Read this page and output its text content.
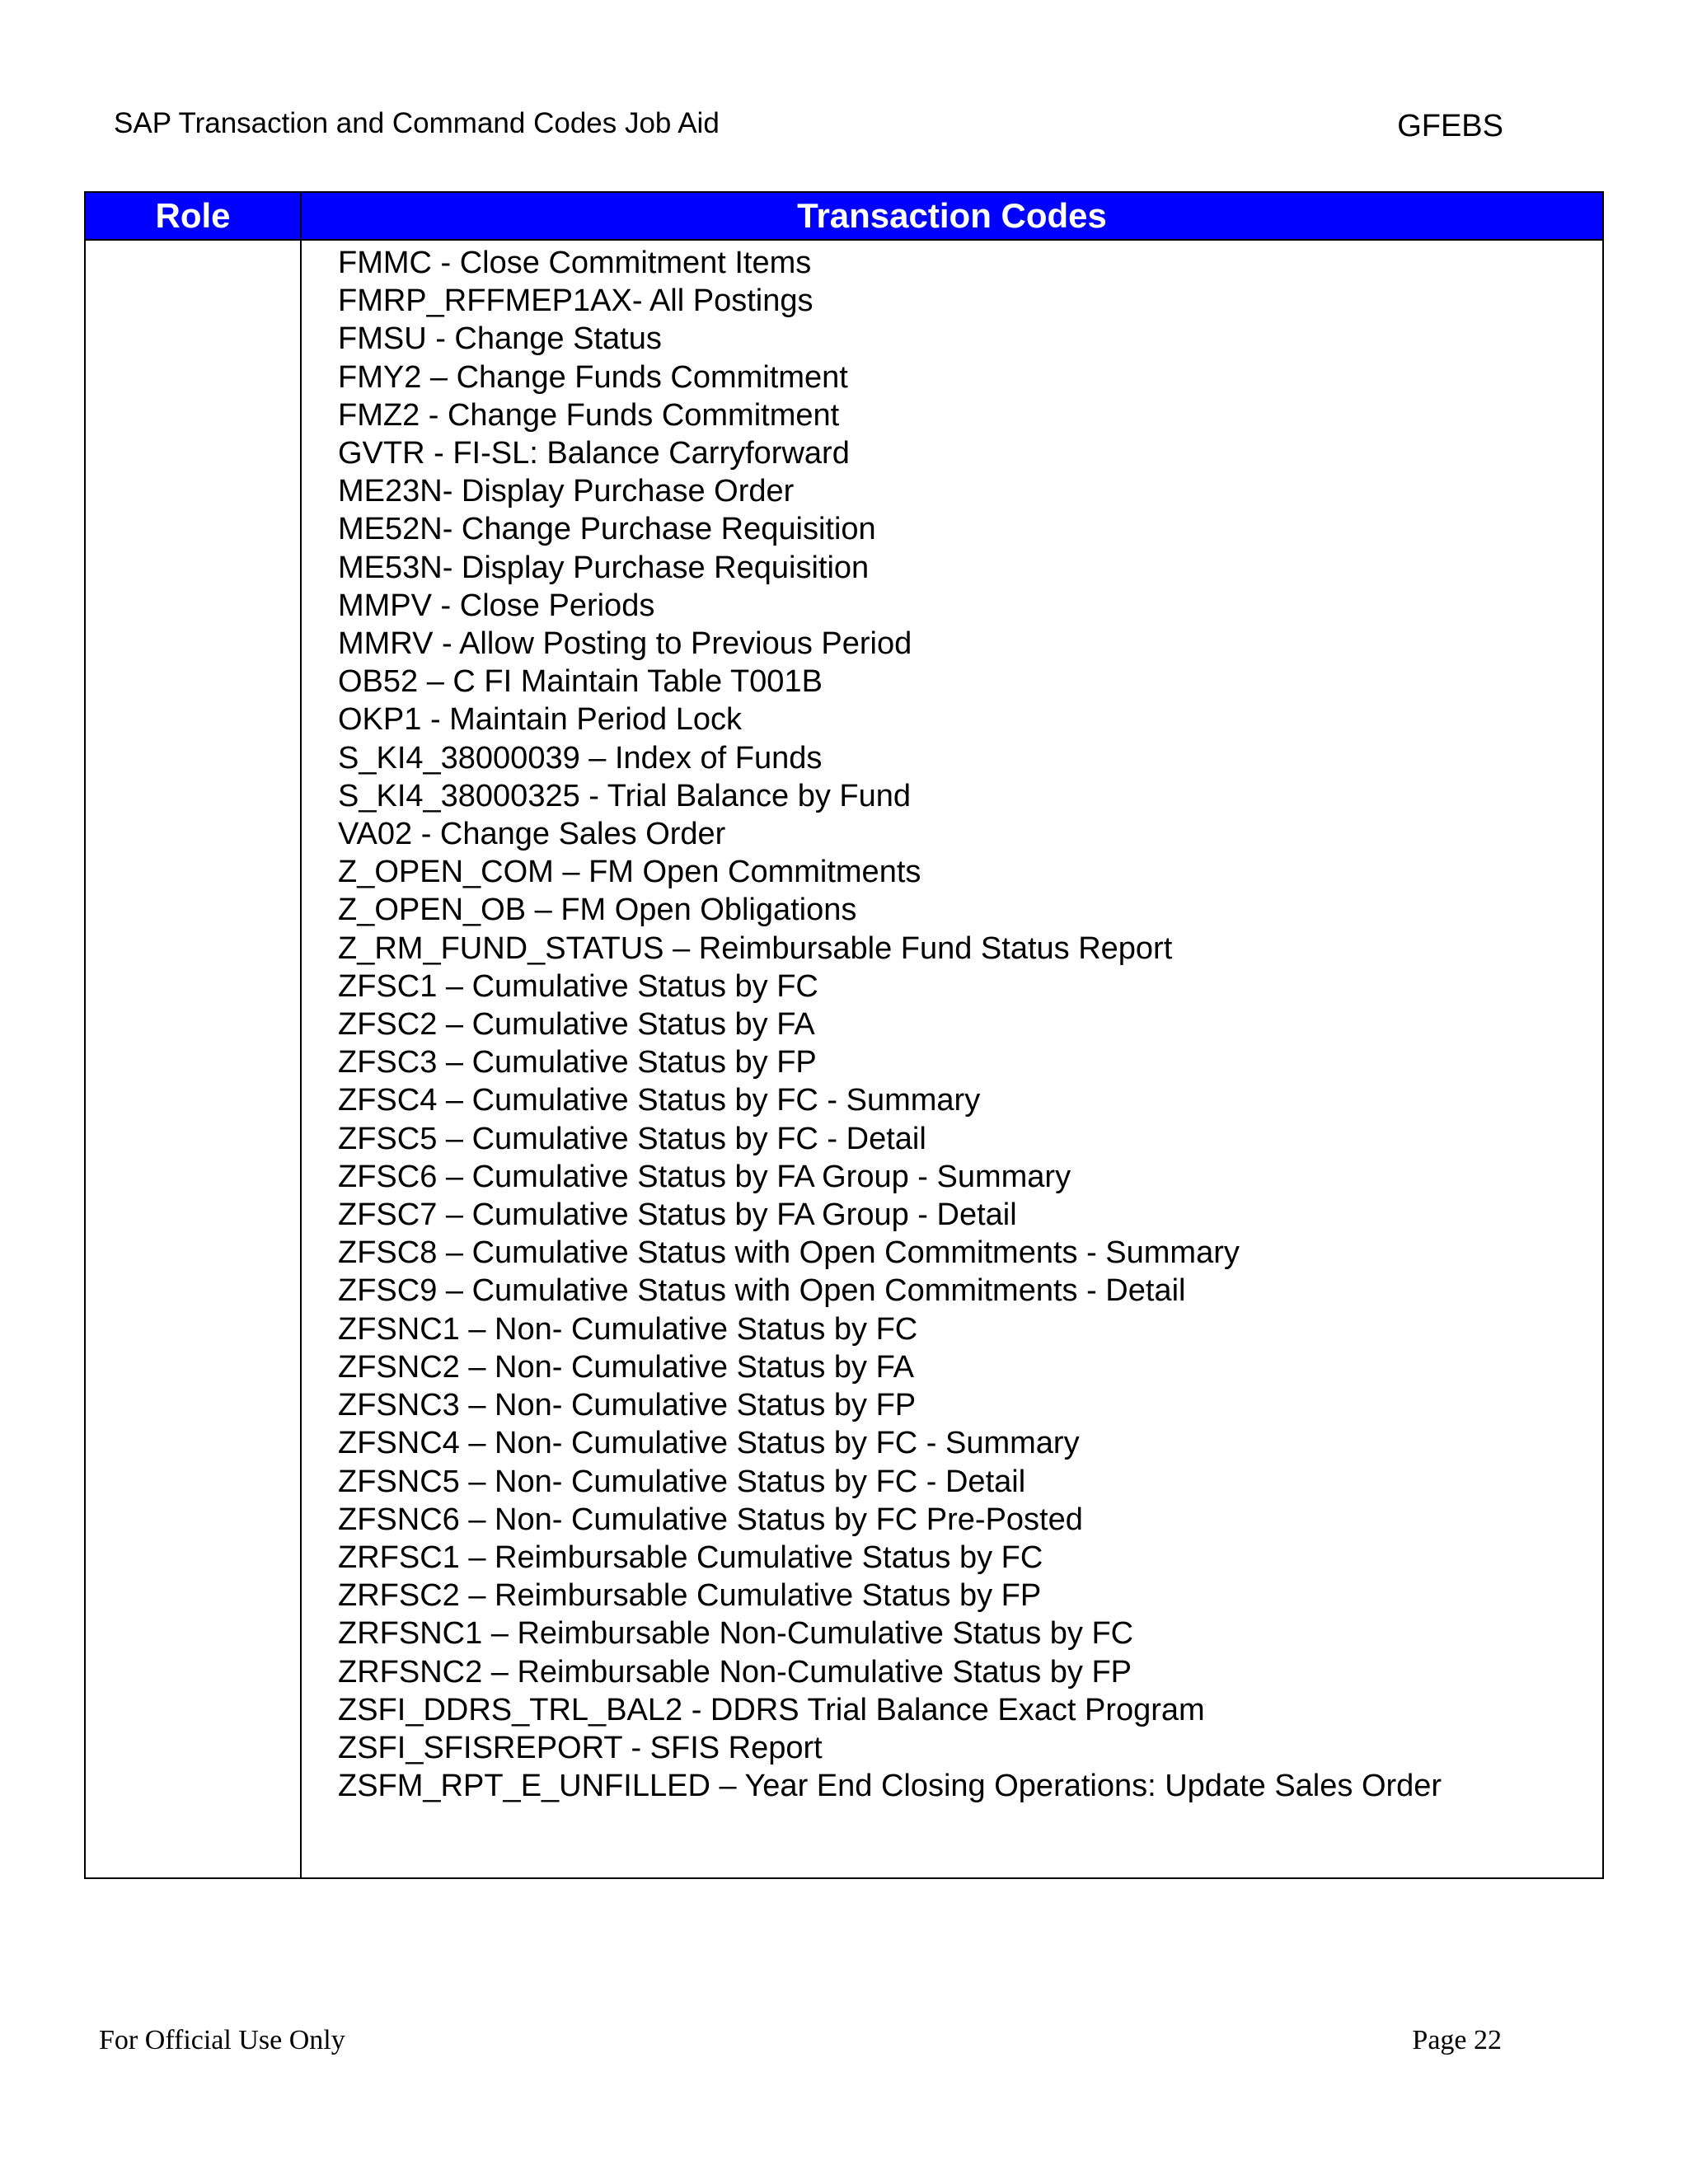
SAP Transaction and Command Codes Job Aid	GFEBS
Role	Transaction Codes
FMMC - Close Commitment Items
FMRP_RFFMEP1AX- All Postings
FMSU - Change Status
FMY2 – Change Funds Commitment
FMZ2 - Change Funds Commitment
GVTR - FI-SL: Balance Carryforward
ME23N- Display Purchase Order
ME52N- Change Purchase Requisition
ME53N- Display Purchase Requisition
MMPV - Close Periods
MMRV - Allow Posting to Previous Period
OB52 – C FI Maintain Table T001B
OKP1 - Maintain Period Lock
S_KI4_38000039 – Index of Funds
S_KI4_38000325 - Trial Balance by Fund
VA02 - Change Sales Order
Z_OPEN_COM – FM Open Commitments
Z_OPEN_OB – FM Open Obligations
Z_RM_FUND_STATUS – Reimbursable Fund Status Report
ZFSC1 – Cumulative Status by FC
ZFSC2 – Cumulative Status by FA
ZFSC3 – Cumulative Status by FP
ZFSC4 – Cumulative Status by FC - Summary
ZFSC5 – Cumulative Status by FC - Detail
ZFSC6 – Cumulative Status by FA Group - Summary
ZFSC7 – Cumulative Status by FA Group - Detail
ZFSC8 – Cumulative Status with Open Commitments - Summary
ZFSC9 – Cumulative Status with Open Commitments - Detail
ZFSNC1 – Non- Cumulative Status by FC
ZFSNC2 – Non- Cumulative Status by FA
ZFSNC3 – Non- Cumulative Status by FP
ZFSNC4 – Non- Cumulative Status by FC - Summary
ZFSNC5 – Non- Cumulative Status by FC - Detail
ZFSNC6 – Non- Cumulative Status by FC Pre-Posted
ZRFSC1 – Reimbursable Cumulative Status by FC
ZRFSC2 – Reimbursable Cumulative Status by FP
ZRFSNC1 – Reimbursable Non-Cumulative Status by FC
ZRFSNC2 – Reimbursable Non-Cumulative Status by FP
ZSFI_DDRS_TRL_BAL2 - DDRS Trial Balance Exact Program
ZSFI_SFISREPORT - SFIS Report
ZSFM_RPT_E_UNFILLED – Year End Closing Operations: Update Sales Order
For Official Use Only	Page 22
